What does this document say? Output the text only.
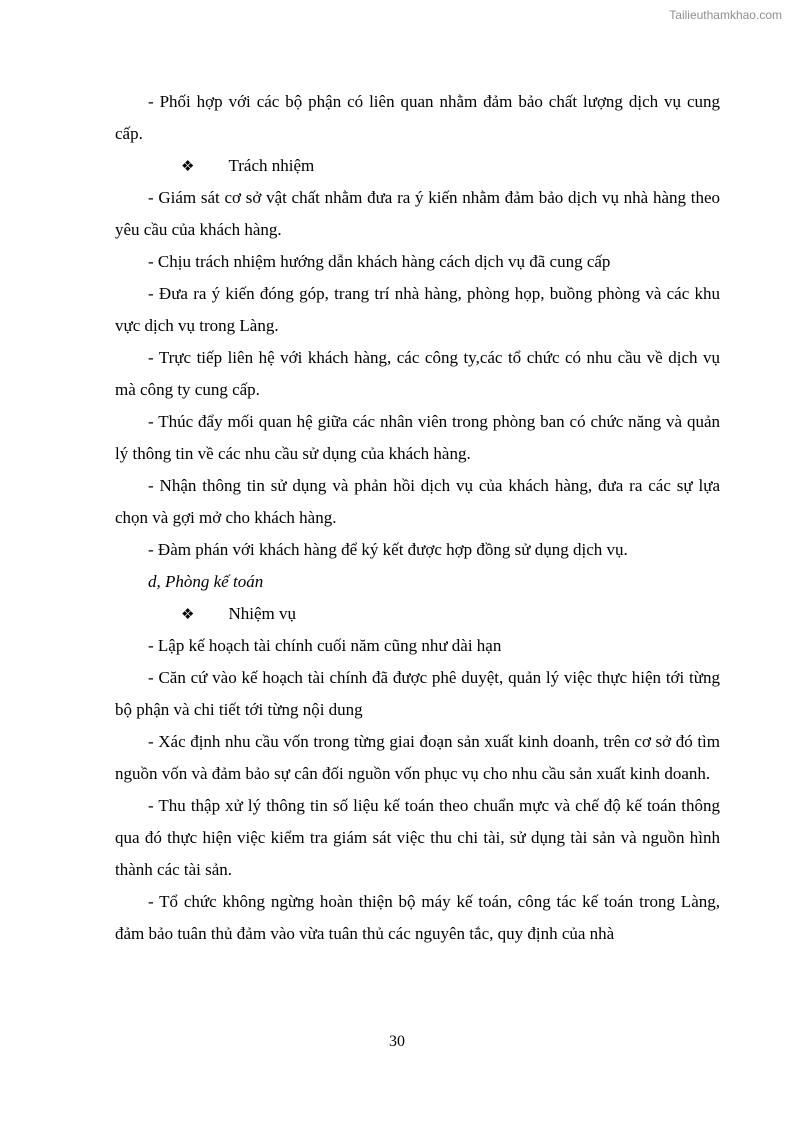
Tailieuthamkhao.com

- Phối hợp với các bộ phận có liên quan nhằm đảm bảo chất lượng dịch vụ cung cấp.

❖ Trách nhiệm

- Giám sát cơ sở vật chất nhằm đưa ra ý kiến nhằm đảm bảo dịch vụ nhà hàng theo yêu cầu của khách hàng.

- Chịu trách nhiệm hướng dẫn khách hàng cách dịch vụ đã cung cấp

- Đưa ra ý kiến đóng góp, trang trí nhà hàng, phòng họp, buồng phòng và các khu vực dịch vụ trong Làng.

- Trực tiếp liên hệ với khách hàng, các công ty,các tổ chức có nhu cầu về dịch vụ mà công ty cung cấp.

- Thúc đẩy mối quan hệ giữa các nhân viên trong phòng ban có chức năng và quản lý thông tin về các nhu cầu sử dụng của khách hàng.

- Nhận thông tin sử dụng và phản hồi dịch vụ của khách hàng, đưa ra các sự lựa chọn và gợi mở cho khách hàng.

- Đàm phán với khách hàng để ký kết được hợp đồng sử dụng dịch vụ.

d, Phòng kế toán

❖ Nhiệm vụ

- Lập kế hoạch tài chính cuối năm cũng như dài hạn

- Căn cứ vào kế hoạch tài chính đã được phê duyệt, quản lý việc thực hiện tới từng bộ phận và chi tiết tới từng nội dung

- Xác định nhu cầu vốn trong từng giai đoạn sản xuất kinh doanh, trên cơ sở đó tìm nguồn vốn và đảm bảo sự cân đối nguồn vốn phục vụ cho nhu cầu sản xuất kinh doanh.

- Thu thập xử lý thông tin số liệu kế toán theo chuẩn mực và chế độ kế toán thông qua đó thực hiện việc kiểm tra giám sát việc thu chi tài, sử dụng tài sản và nguồn hình thành các tài sản.

- Tổ chức không ngừng hoàn thiện bộ máy kế toán, công tác kế toán trong Làng, đảm bảo tuân thủ đảm vào vừa tuân thủ các nguyên tắc, quy định của nhà

30
